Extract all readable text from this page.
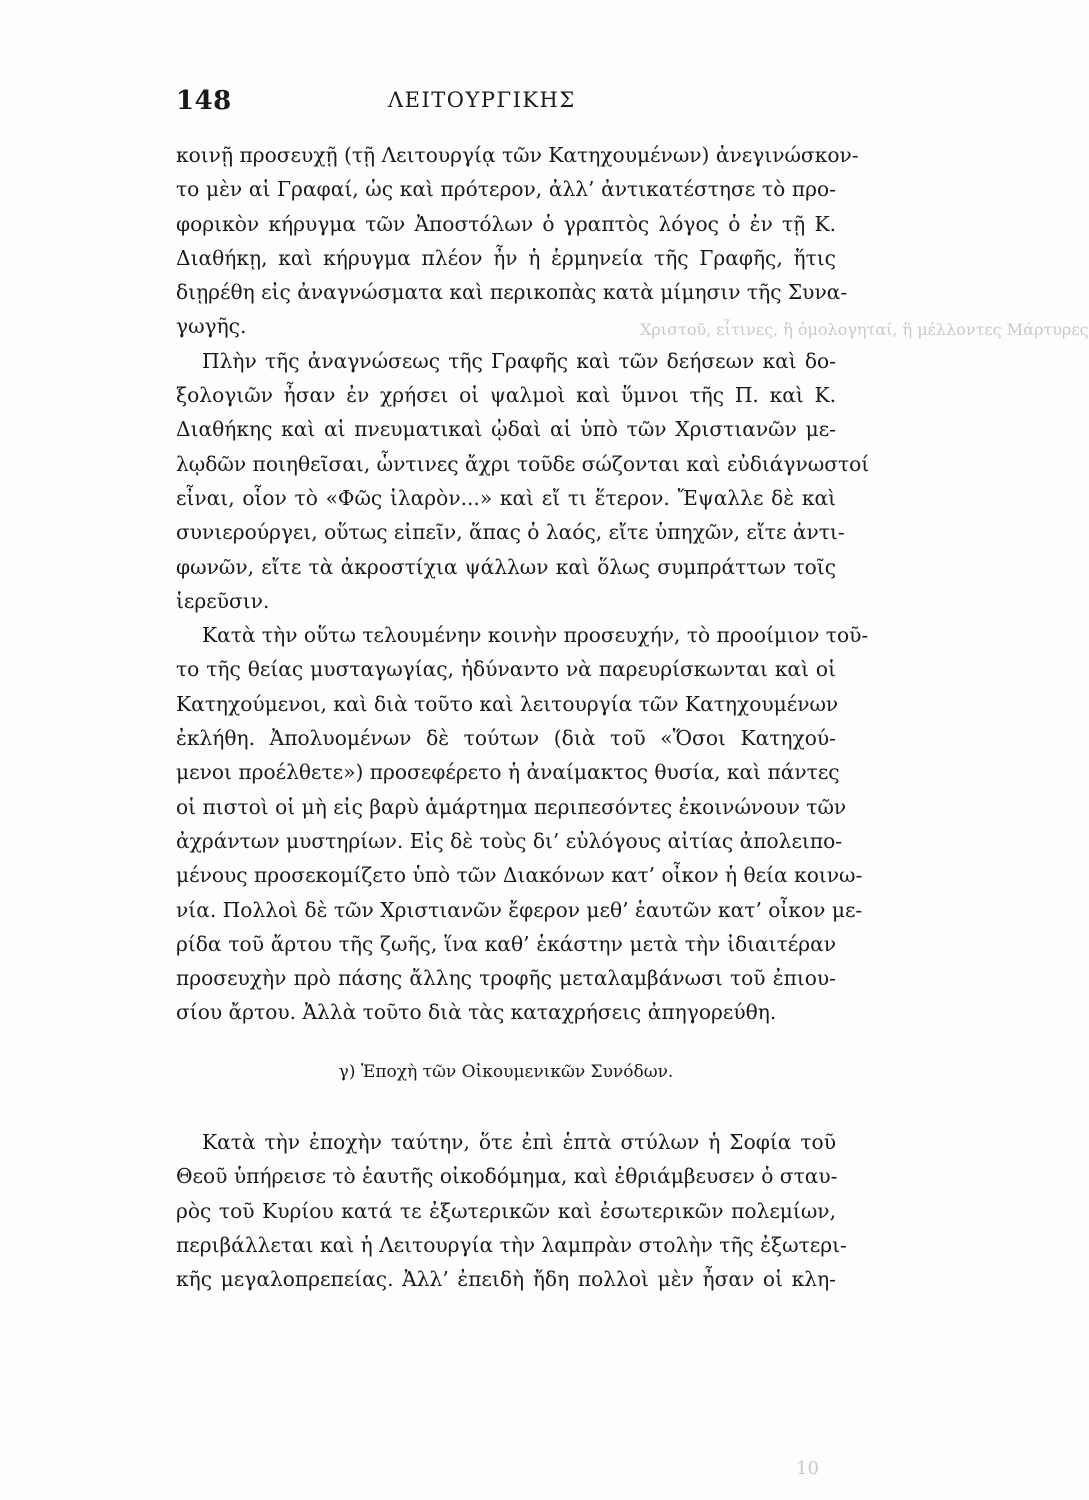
148	ΛΕΙΤΟΥΡΓΙΚΗΣ
Χριστοῦ, εἶτινες, ἢ ὁμολογηταί, ἢ μέλλοντες Μάρτυρες
κοινῇ προσευχῇ (τῇ Λειτουργίᾳ τῶν Κατηχουμένων) ἀνεγινώσκον-
το μὲν αἱ Γραφαί, ὡς καὶ πρότερον, ἀλλ’ ἀντικατέστησε τὸ προ-
φορικὸν κήρυγμα τῶν Ἀποστόλων ὁ γραπτὸς λόγος ὁ ἐν τῇ Κ.
Διαθήκῃ, καὶ κήρυγμα πλέον ἦν ἡ ἑρμηνεία τῆς Γραφῆς, ἥτις
διῃρέθη εἰς ἀναγνώσματα καὶ περικοπὰς κατὰ μίμησιν τῆς Συνα-
γωγῆς.
Πλὴν τῆς ἀναγνώσεως τῆς Γραφῆς καὶ τῶν δεήσεων καὶ δο-
ξολογιῶν ἦσαν ἐν χρήσει οἱ ψαλμοὶ καὶ ὕμνοι τῆς Π. καὶ Κ.
Διαθήκης καὶ αἱ πνευματικαὶ ᾠδαὶ αἱ ὑπὸ τῶν Χριστιανῶν με-
λῳδῶν ποιηθεῖσαι, ὧντινες ἄχρι τοῦδε σώζονται καὶ εὐδιάγνωστοί
εἶναι, οἷον τὸ «Φῶς ἱλαρὸν...» καὶ εἴ τι ἕτερον. Ἔψαλλε δὲ καὶ
συνιερούργει, οὕτως εἰπεῖν, ἅπας ὁ λαός, εἴτε ὑπηχῶν, εἴτε ἀντι-
φωνῶν, εἴτε τὰ ἀκροστίχια ψάλλων καὶ ὅλως συμπράττων τοῖς
ἱερεῦσιν.
Κατὰ τὴν οὕτω τελουμένην κοινὴν προσευχήν, τὸ προοίμιον τοῦ-
το τῆς θείας μυσταγωγίας, ἠδύναντο νὰ παρευρίσκωνται καὶ οἱ
Κατηχούμενοι, καὶ διὰ τοῦτο καὶ λειτουργία τῶν Κατηχουμένων
ἐκλήθη. Ἀπολυομένων δὲ τούτων (διὰ τοῦ «Ὅσοι Κατηχού-
μενοι προέλθετε») προσεφέρετο ἡ ἀναίμακτος θυσία, καὶ πάντες
οἱ πιστοὶ οἱ μὴ εἰς βαρὺ ἁμάρτημα περιπεσόντες ἐκοινώνουν τῶν
ἀχράντων μυστηρίων. Εἰς δὲ τοὺς δι’ εὐλόγους αἰτίας ἀπολειπο-
μένους προσεκομίζετο ὑπὸ τῶν Διακόνων κατ’ οἶκον ἡ θεία κοινω-
νία. Πολλοὶ δὲ τῶν Χριστιανῶν ἔφερον μεθ’ ἑαυτῶν κατ’ οἶκον με-
ρίδα τοῦ ἄρτου τῆς ζωῆς, ἵνα καθ’ ἑκάστην μετὰ τὴν ἰδιαιτέραν
προσευχὴν πρὸ πάσης ἄλλης τροφῆς μεταλαμβάνωσι τοῦ ἐπιου-
σίου ἄρτου. Ἀλλὰ τοῦτο διὰ τὰς καταχρήσεις ἀπηγορεύθη.
γ) Ἐποχὴ τῶν Οἰκουμενικῶν Συνόδων.
Κατὰ τὴν ἐποχὴν ταύτην, ὅτε ἐπὶ ἑπτὰ στύλων ἡ Σοφία τοῦ
Θεοῦ ὑπήρεισε τὸ ἑαυτῆς οἰκοδόμημα, καὶ ἐθριάμβευσεν ὁ σταυ-
ρὸς τοῦ Κυρίου κατά τε ἐξωτερικῶν καὶ ἐσωτερικῶν πολεμίων,
περιβάλλεται καὶ ἡ Λειτουργία τὴν λαμπρὰν στολὴν τῆς ἐξωτερι-
κῆς μεγαλοπρεπείας. Ἀλλ’ ἐπειδὴ ἤδη πολλοὶ μὲν ἦσαν οἱ κλη-
10
